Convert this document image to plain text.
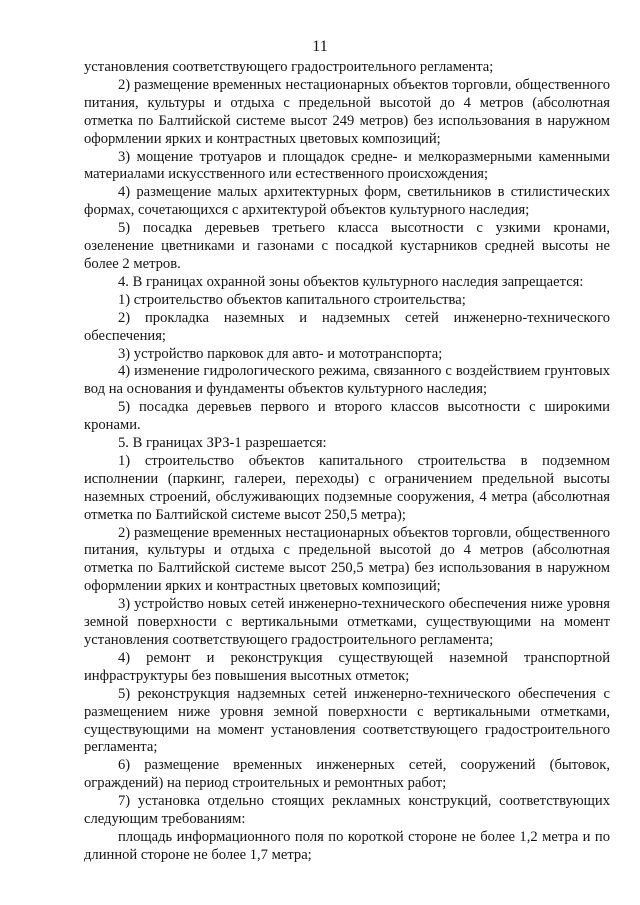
11

установления соответствующего градостроительного регламента;

2) размещение временных нестационарных объектов торговли, общественного питания, культуры и отдыха с предельной высотой до 4 метров (абсолютная отметка по Балтийской системе высот 249 метров) без использования в наружном оформлении ярких и контрастных цветовых композиций;

3) мощение тротуаров и площадок средне- и мелкоразмерными каменными материалами искусственного или естественного происхождения;

4) размещение малых архитектурных форм, светильников в стилистических формах, сочетающихся с архитектурой объектов культурного наследия;

5) посадка деревьев третьего класса высотности с узкими кронами, озеленение цветниками и газонами с посадкой кустарников средней высоты не более 2 метров.

4. В границах охранной зоны объектов культурного наследия запрещается:

1) строительство объектов капитального строительства;

2) прокладка наземных и надземных сетей инженерно-технического обеспечения;

3) устройство парковок для авто- и мототранспорта;

4) изменение гидрологического режима, связанного с воздействием грунтовых вод на основания и фундаменты объектов культурного наследия;

5) посадка деревьев первого и второго классов высотности с широкими кронами.

5. В границах ЗРЗ-1 разрешается:

1) строительство объектов капитального строительства в подземном исполнении (паркинг, галереи, переходы) с ограничением предельной высоты наземных строений, обслуживающих подземные сооружения, 4 метра (абсолютная отметка по Балтийской системе высот 250,5 метра);

2) размещение временных нестационарных объектов торговли, общественного питания, культуры и отдыха с предельной высотой до 4 метров (абсолютная отметка по Балтийской системе высот 250,5 метра) без использования в наружном оформлении ярких и контрастных цветовых композиций;

3) устройство новых сетей инженерно-технического обеспечения ниже уровня земной поверхности с вертикальными отметками, существующими на момент установления соответствующего градостроительного регламента;

4) ремонт и реконструкция существующей наземной транспортной инфраструктуры без повышения высотных отметок;

5) реконструкция надземных сетей инженерно-технического обеспечения с размещением ниже уровня земной поверхности с вертикальными отметками, существующими на момент установления соответствующего градостроительного регламента;

6) размещение временных инженерных сетей, сооружений (бытовок, ограждений) на период строительных и ремонтных работ;

7) установка отдельно стоящих рекламных конструкций, соответствующих следующим требованиям:

площадь информационного поля по короткой стороне не более 1,2 метра и по длинной стороне не более 1,7 метра;
